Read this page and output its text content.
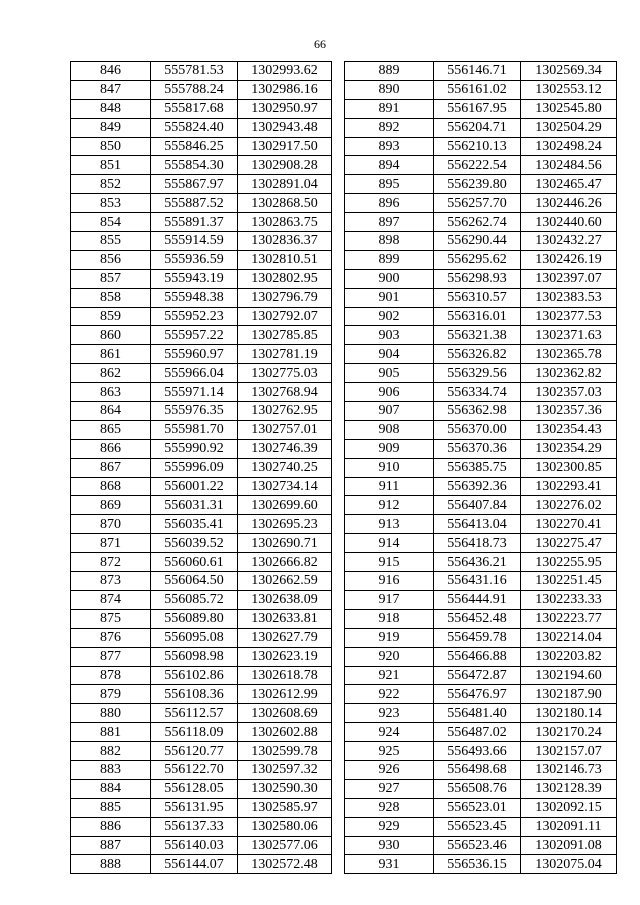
66
846	555781.53	1302993.62
847	555788.24	1302986.16
848	555817.68	1302950.97
849	555824.40	1302943.48
850	555846.25	1302917.50
851	555854.30	1302908.28
852	555867.97	1302891.04
853	555887.52	1302868.50
854	555891.37	1302863.75
855	555914.59	1302836.37
856	555936.59	1302810.51
857	555943.19	1302802.95
858	555948.38	1302796.79
859	555952.23	1302792.07
860	555957.22	1302785.85
861	555960.97	1302781.19
862	555966.04	1302775.03
863	555971.14	1302768.94
864	555976.35	1302762.95
865	555981.70	1302757.01
866	555990.92	1302746.39
867	555996.09	1302740.25
868	556001.22	1302734.14
869	556031.31	1302699.60
870	556035.41	1302695.23
871	556039.52	1302690.71
872	556060.61	1302666.82
873	556064.50	1302662.59
874	556085.72	1302638.09
875	556089.80	1302633.81
876	556095.08	1302627.79
877	556098.98	1302623.19
878	556102.86	1302618.78
879	556108.36	1302612.99
880	556112.57	1302608.69
881	556118.09	1302602.88
882	556120.77	1302599.78
883	556122.70	1302597.32
884	556128.05	1302590.30
885	556131.95	1302585.97
886	556137.33	1302580.06
887	556140.03	1302577.06
888	556144.07	1302572.48
889	556146.71	1302569.34
890	556161.02	1302553.12
891	556167.95	1302545.80
892	556204.71	1302504.29
893	556210.13	1302498.24
894	556222.54	1302484.56
895	556239.80	1302465.47
896	556257.70	1302446.26
897	556262.74	1302440.60
898	556290.44	1302432.27
899	556295.62	1302426.19
900	556298.93	1302397.07
901	556310.57	1302383.53
902	556316.01	1302377.53
903	556321.38	1302371.63
904	556326.82	1302365.78
905	556329.56	1302362.82
906	556334.74	1302357.03
907	556362.98	1302357.36
908	556370.00	1302354.43
909	556370.36	1302354.29
910	556385.75	1302300.85
911	556392.36	1302293.41
912	556407.84	1302276.02
913	556413.04	1302270.41
914	556418.73	1302275.47
915	556436.21	1302255.95
916	556431.16	1302251.45
917	556444.91	1302233.33
918	556452.48	1302223.77
919	556459.78	1302214.04
920	556466.88	1302203.82
921	556472.87	1302194.60
922	556476.97	1302187.90
923	556481.40	1302180.14
924	556487.02	1302170.24
925	556493.66	1302157.07
926	556498.68	1302146.73
927	556508.76	1302128.39
928	556523.01	1302092.15
929	556523.45	1302091.11
930	556523.46	1302091.08
931	556536.15	1302075.04
